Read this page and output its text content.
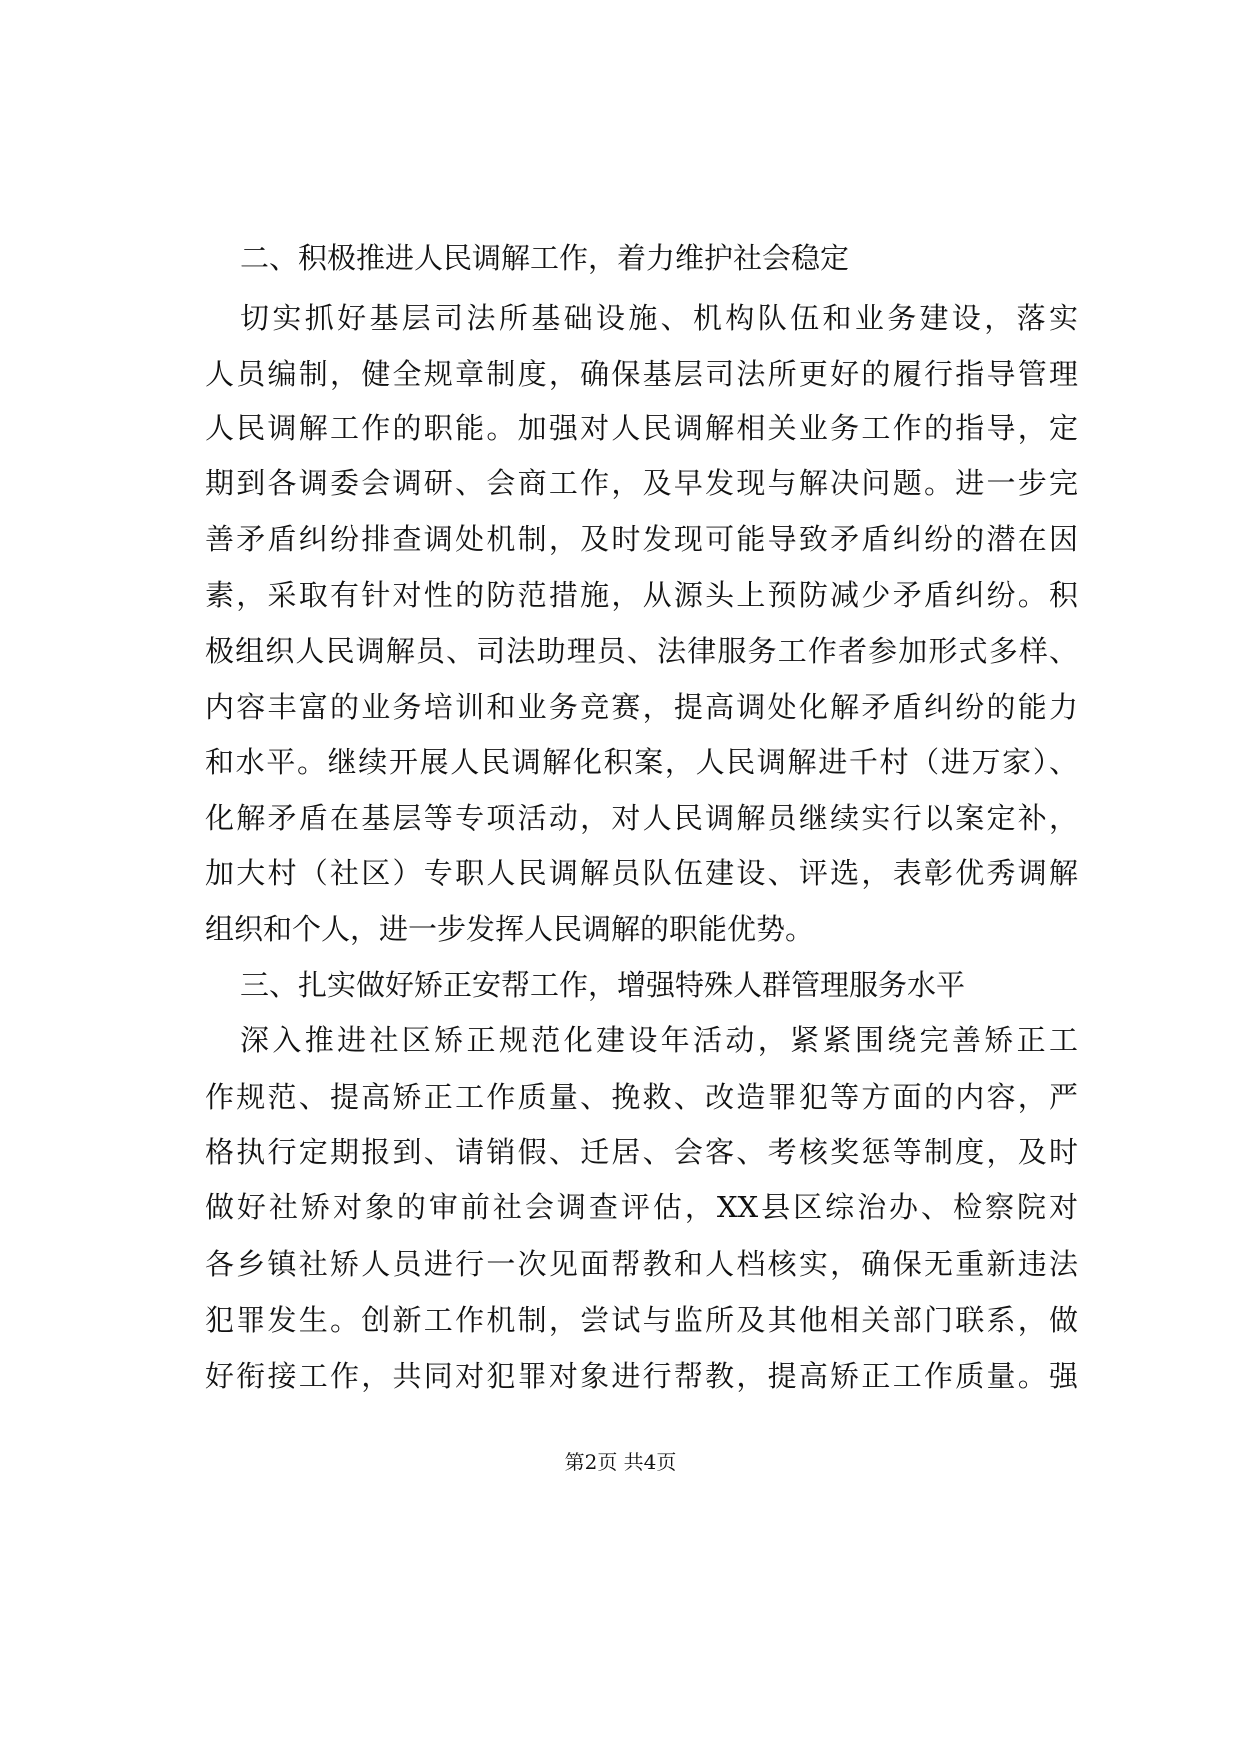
二、积极推进人民调解工作，着力维护社会稳定
切实抓好基层司法所基础设施、机构队伍和业务建设，落实
人员编制，健全规章制度，确保基层司法所更好的履行指导管理
人民调解工作的职能。加强对人民调解相关业务工作的指导，定
期到各调委会调研、会商工作，及早发现与解决问题。进一步完
善矛盾纠纷排查调处机制，及时发现可能导致矛盾纠纷的潜在因
素，采取有针对性的防范措施，从源头上预防减少矛盾纠纷。积
极组织人民调解员、司法助理员、法律服务工作者参加形式多样、
内容丰富的业务培训和业务竞赛，提高调处化解矛盾纠纷的能力
和水平。继续开展人民调解化积案，人民调解进千村（进万家）、
化解矛盾在基层等专项活动，对人民调解员继续实行以案定补，
加大村（社区）专职人民调解员队伍建设、评选，表彰优秀调解
组织和个人，进一步发挥人民调解的职能优势。
三、扎实做好矫正安帮工作，增强特殊人群管理服务水平
深入推进社区矫正规范化建设年活动，紧紧围绕完善矫正工
作规范、提高矫正工作质量、挽救、改造罪犯等方面的内容，严
格执行定期报到、请销假、迁居、会客、考核奖惩等制度，及时
做好社矫对象的审前社会调查评估，XX县区综治办、检察院对
各乡镇社矫人员进行一次见面帮教和人档核实，确保无重新违法
犯罪发生。创新工作机制，尝试与监所及其他相关部门联系，做
好衔接工作，共同对犯罪对象进行帮教，提高矫正工作质量。强
第2页 共4页
